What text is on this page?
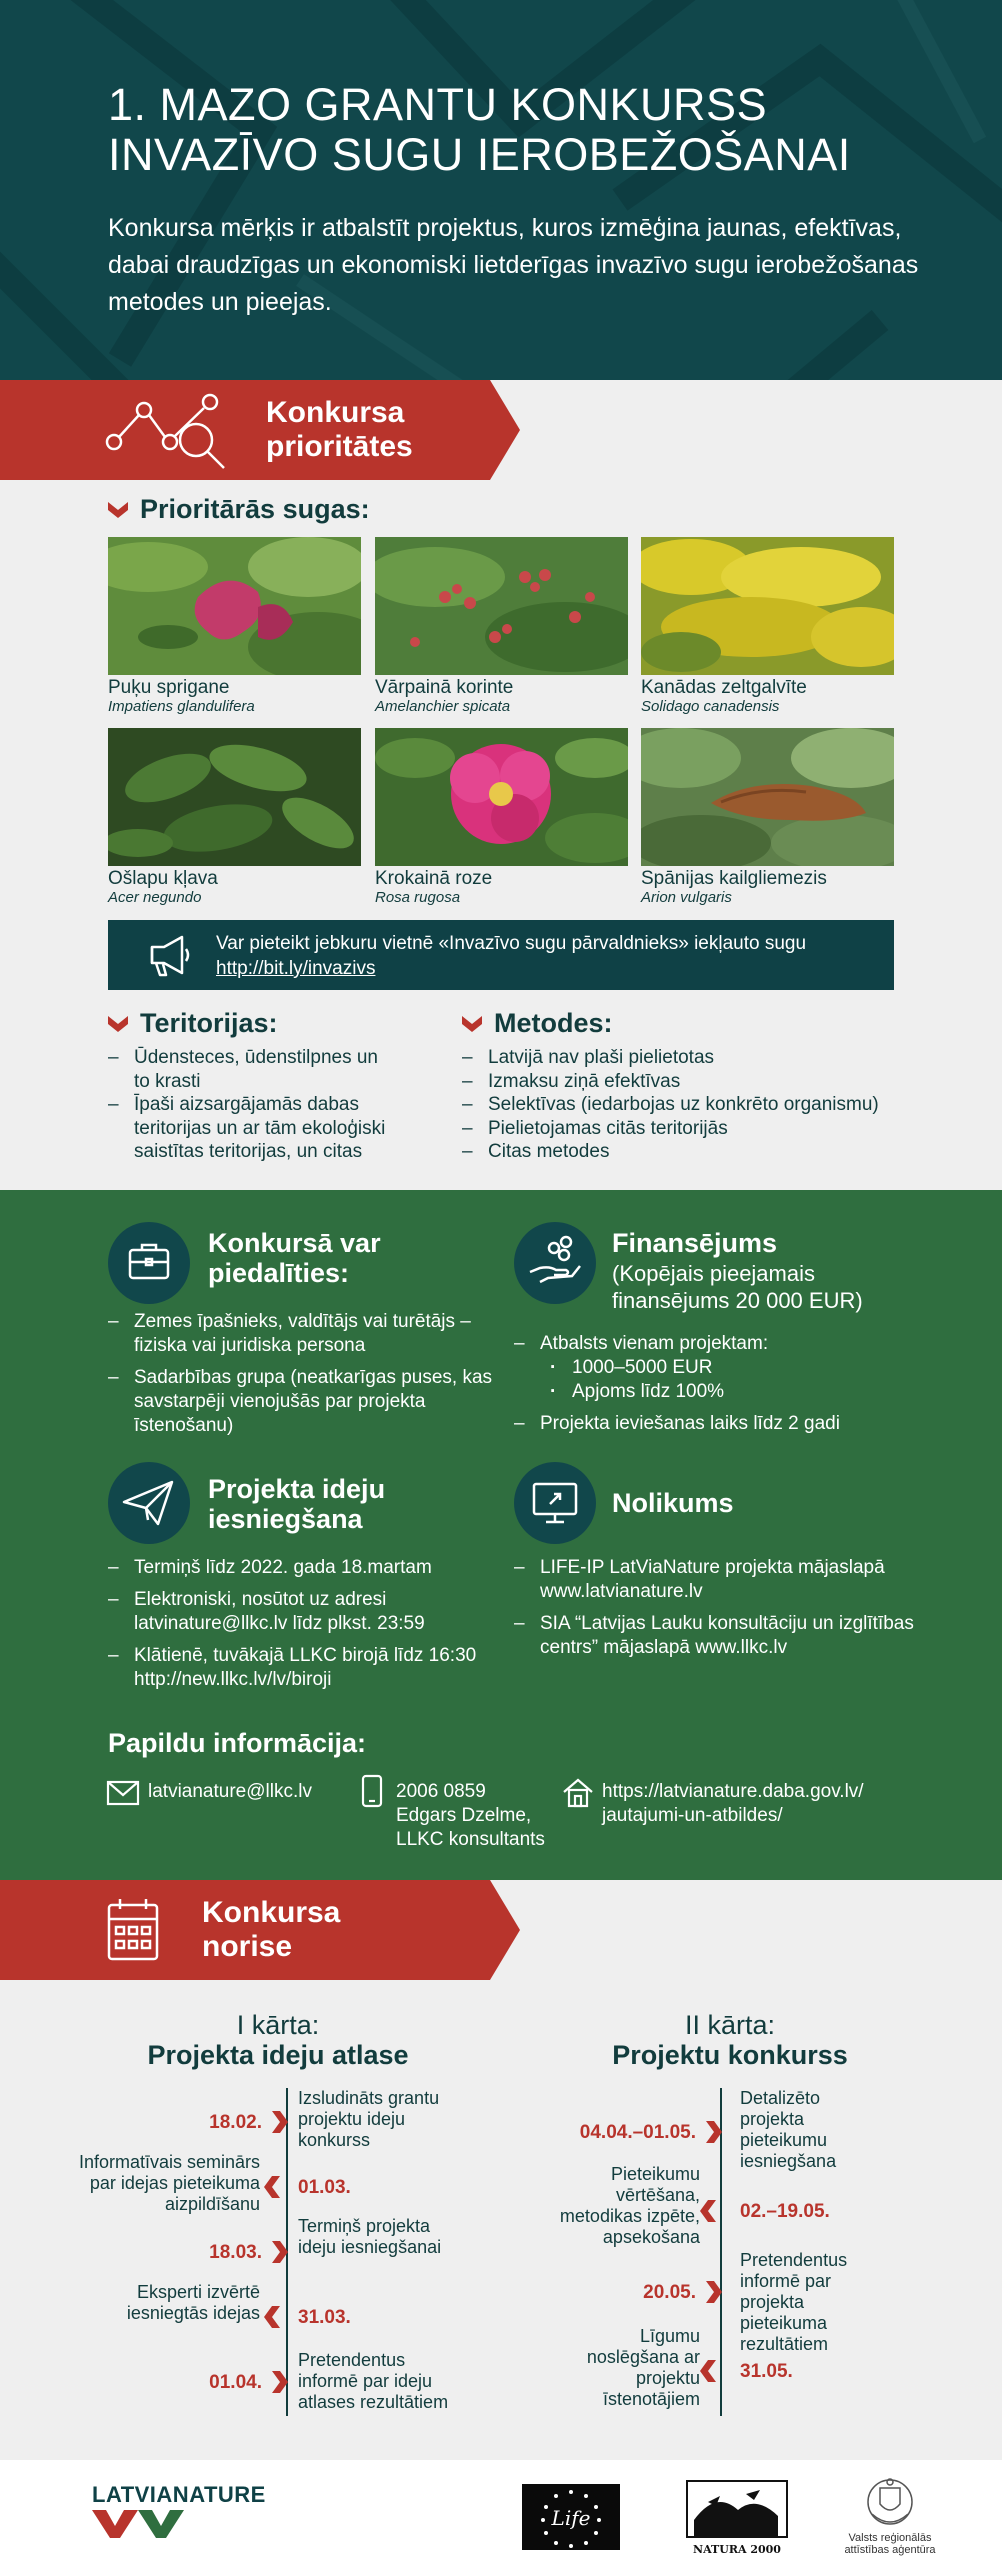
1. MAZO GRANTU KONKURSS
INVAZĪVO SUGU IEROBEŽOŠANAI

Konkursa mērķis ir atbalstīt projektus, kuros izmēģina jaunas, efektīvas, dabai draudzīgas un ekonomiski lietderīgas invazīvo sugu ierobežošanas metodes un pieejas.

Konkursa
prioritātes
Prioritārās sugas:
Puķu sprigane
Impatiens glandulifera
Vārpainā korinte
Amelanchier spicata
Kanādas zeltgalvīte
Solidago canadensis
Ošlapu kļava
Acer negundo
Krokainā roze
Rosa rugosa
Spānijas kailgliemezis
Arion vulgaris
Var pieteikt jebkuru vietnē «Invazīvo sugu pārvaldnieks» iekļauto sugu
http://bit.ly/invazivs
Teritorijas:
– Ūdensteces, ūdenstilpnes un to krasti
– Īpaši aizsargājamās dabas teritorijas un ar tām ekoloģiski saistītas teritorijas, un citas
Metodes:
– Latvijā nav plaši pielietotas
– Izmaksu ziņā efektīvas
– Selektīvas (iedarbojas uz konkrēto organismu)
– Pielietojamas citās teritorijās
– Citas metodes
Konkursā var
piedalīties:
– Zemes īpašnieks, valdītājs vai turētājs – fiziska vai juridiska persona
– Sadarbības grupa (neatkarīgas puses, kas savstarpēji vienojušās par projekta īstenošanu)
Finansējums
(Kopējais pieejamais
finansējums 20 000 EUR)
– Atbalsts vienam projektam:
· 1000–5000 EUR
· Apjoms līdz 100%
– Projekta ieviešanas laiks līdz 2 gadi
Projekta ideju
iesniegšana
– Termiņš līdz 2022. gada 18.martam
– Elektroniski, nosūtot uz adresi latvinature@llkc.lv līdz plkst. 23:59
– Klātienē, tuvākajā LLKC birojā līdz 16:30 http://new.llkc.lv/lv/biroji
Nolikums
– LIFE-IP LatViaNature projekta mājaslapā www.latvianature.lv
– SIA “Latvijas Lauku konsultāciju un izglītības centrs” mājaslapā www.llkc.lv
Papildu informācija:
latvianature@llkc.lv	2006 0859
Edgars Dzelme,
LLKC konsultants
https://latvianature.daba.gov.lv/
jautajumi-un-atbildes/
Konkursa
norise
I kārta:
Projekta ideju atlase
18.02.
Izsludināts grantu projektu ideju konkurss
Informatīvais seminārs par idejas pieteikuma aizpildīšanu
01.03.
18.03.
Termiņš projekta ideju iesniegšanai
Eksperti izvērtē iesniegtās idejas 31.03.
01.04.
Pretendentus informē par ideju atlases rezultātiem
II kārta:
Projektu konkurss
04.04.–01.05.
Detalizēto projekta pieteikumu iesniegšana
Pieteikumu vērtēšana, metodikas izpēte, apsekošana
02.–19.05.
20.05.
Pretendentus informē par projekta pieteikuma rezultātiem
Līgumu noslēgšana ar projektu īstenotājiem
31.05.
LATVIANATURE
Life
NATURA 2000
Valsts reģionālās
attīstības aģentūra
